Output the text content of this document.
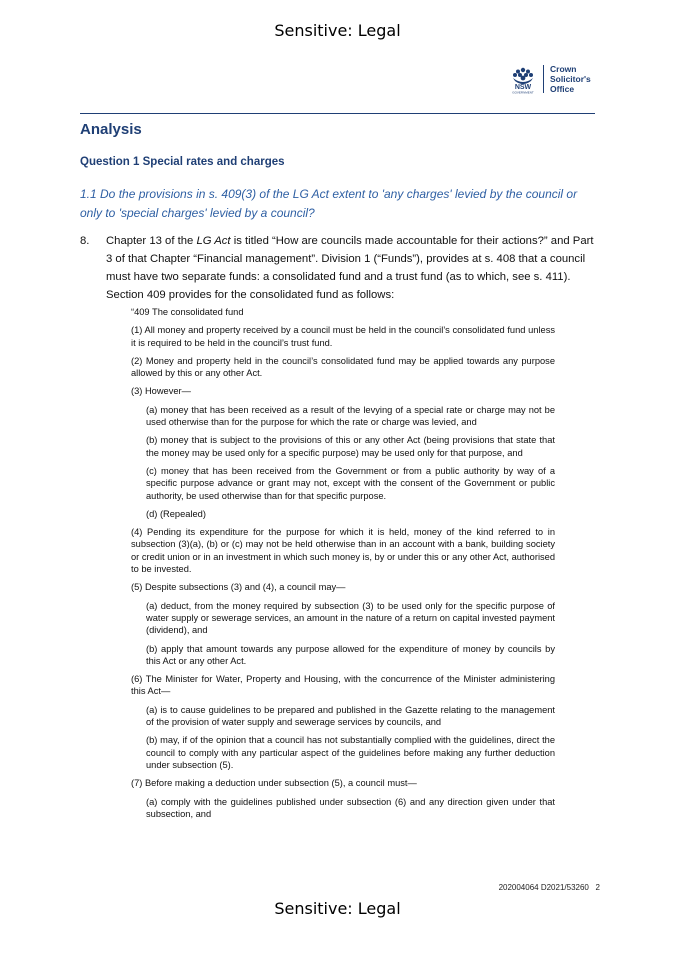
Sensitive: Legal
NSW
GOVERNMENT
Crown
Solicitor's
Office
Analysis
Question 1 Special rates and charges
1.1 Do the provisions in s. 409(3) of the LG Act extent to 'any charges' levied by the council or only to 'special charges' levied by a council?
8. Chapter 13 of the LG Act is titled “How are councils made accountable for their actions?” and Part 3 of that Chapter “Financial management”. Division 1 (“Funds”), provides at s. 408 that a council must have two separate funds: a consolidated fund and a trust fund (as to which, see s. 411). Section 409 provides for the consolidated fund as follows:

“409 The consolidated fund

(1) All money and property received by a council must be held in the council’s consolidated fund unless it is required to be held in the council’s trust fund.

(2) Money and property held in the council’s consolidated fund may be applied towards any purpose allowed by this or any other Act.

(3) However—

(a) money that has been received as a result of the levying of a special rate or charge may not be used otherwise than for the purpose for which the rate or charge was levied, and

(b) money that is subject to the provisions of this or any other Act (being provisions that state that the money may be used only for a specific purpose) may be used only for that purpose, and

(c) money that has been received from the Government or from a public authority by way of a specific purpose advance or grant may not, except with the consent of the Government or public authority, be used otherwise than for that specific purpose.

(d) (Repealed)

(4) Pending its expenditure for the purpose for which it is held, money of the kind referred to in subsection (3)(a), (b) or (c) may not be held otherwise than in an account with a bank, building society or credit union or in an investment in which such money is, by or under this or any other Act, authorised to be invested.

(5) Despite subsections (3) and (4), a council may—

(a) deduct, from the money required by subsection (3) to be used only for the specific purpose of water supply or sewerage services, an amount in the nature of a return on capital invested payment (dividend), and

(b) apply that amount towards any purpose allowed for the expenditure of money by councils by this Act or any other Act.

(6) The Minister for Water, Property and Housing, with the concurrence of the Minister administering this Act—

(a) is to cause guidelines to be prepared and published in the Gazette relating to the management of the provision of water supply and sewerage services by councils, and

(b) may, if of the opinion that a council has not substantially complied with the guidelines, direct the council to comply with any particular aspect of the guidelines before making any further deduction under subsection (5).

(7) Before making a deduction under subsection (5), a council must—

(a) comply with the guidelines published under subsection (6) and any direction given under that subsection, and

202004064 D2021/53260 2
Sensitive: Legal
